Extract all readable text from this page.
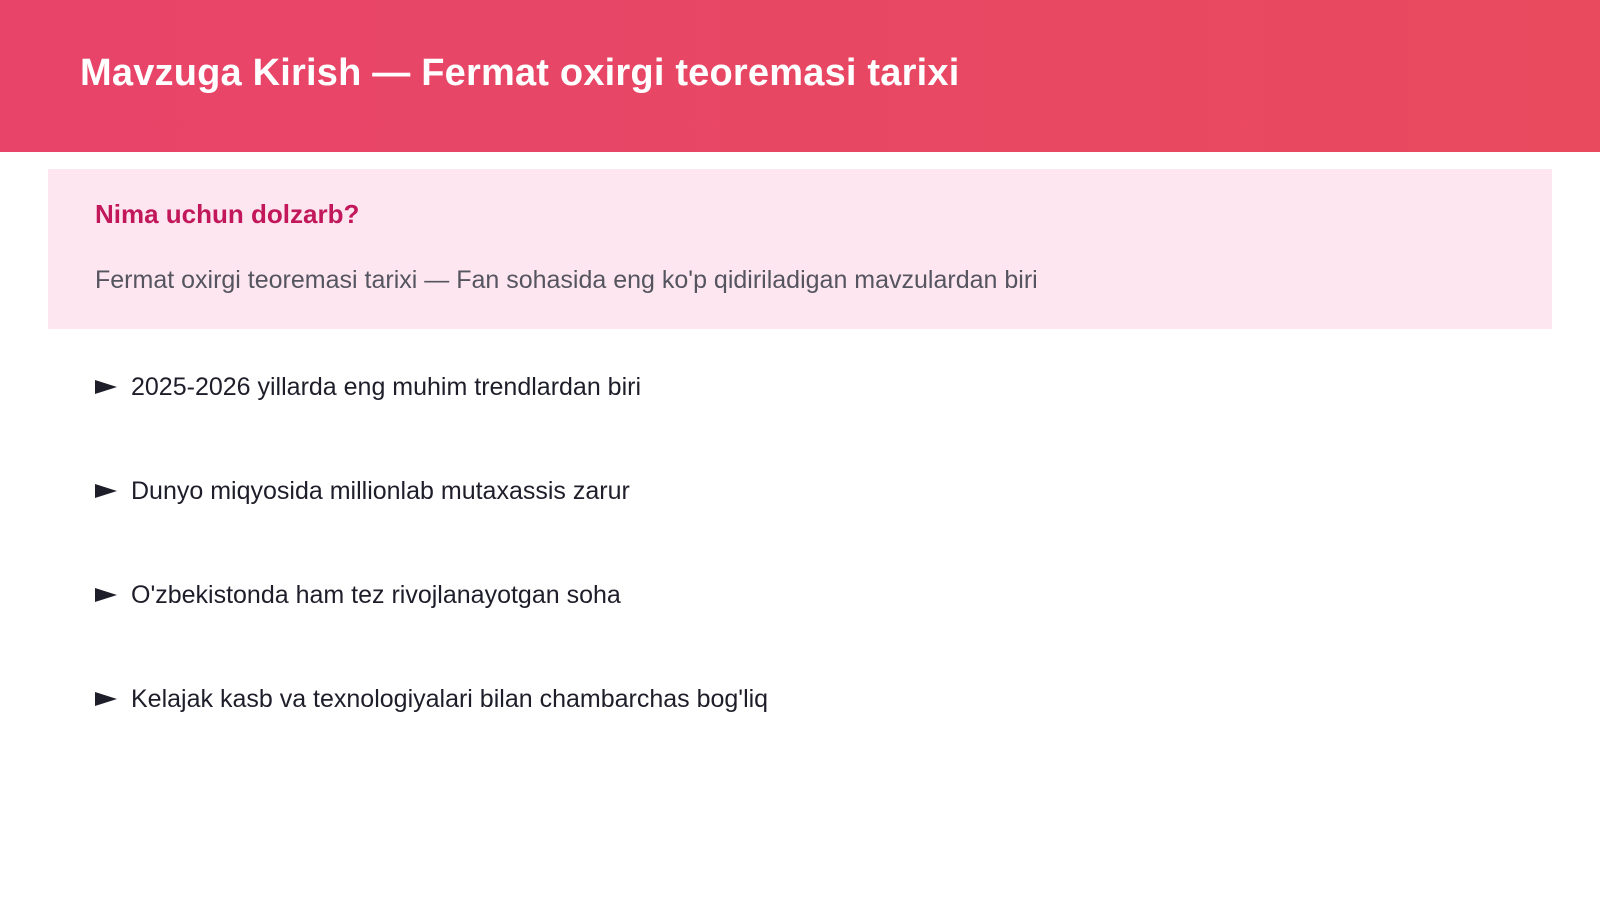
Mavzuga Kirish — Fermat oxirgi teoremasi tarixi
Nima uchun dolzarb?

Fermat oxirgi teoremasi tarixi — Fan sohasida eng ko'p qidiriladigan mavzulardan biri

2025-2026 yillarda eng muhim trendlardan biri
Dunyo miqyosida millionlab mutaxassis zarur
O'zbekistonda ham tez rivojlanayotgan soha
Kelajak kasb va texnologiyalari bilan chambarchas bog'liq
